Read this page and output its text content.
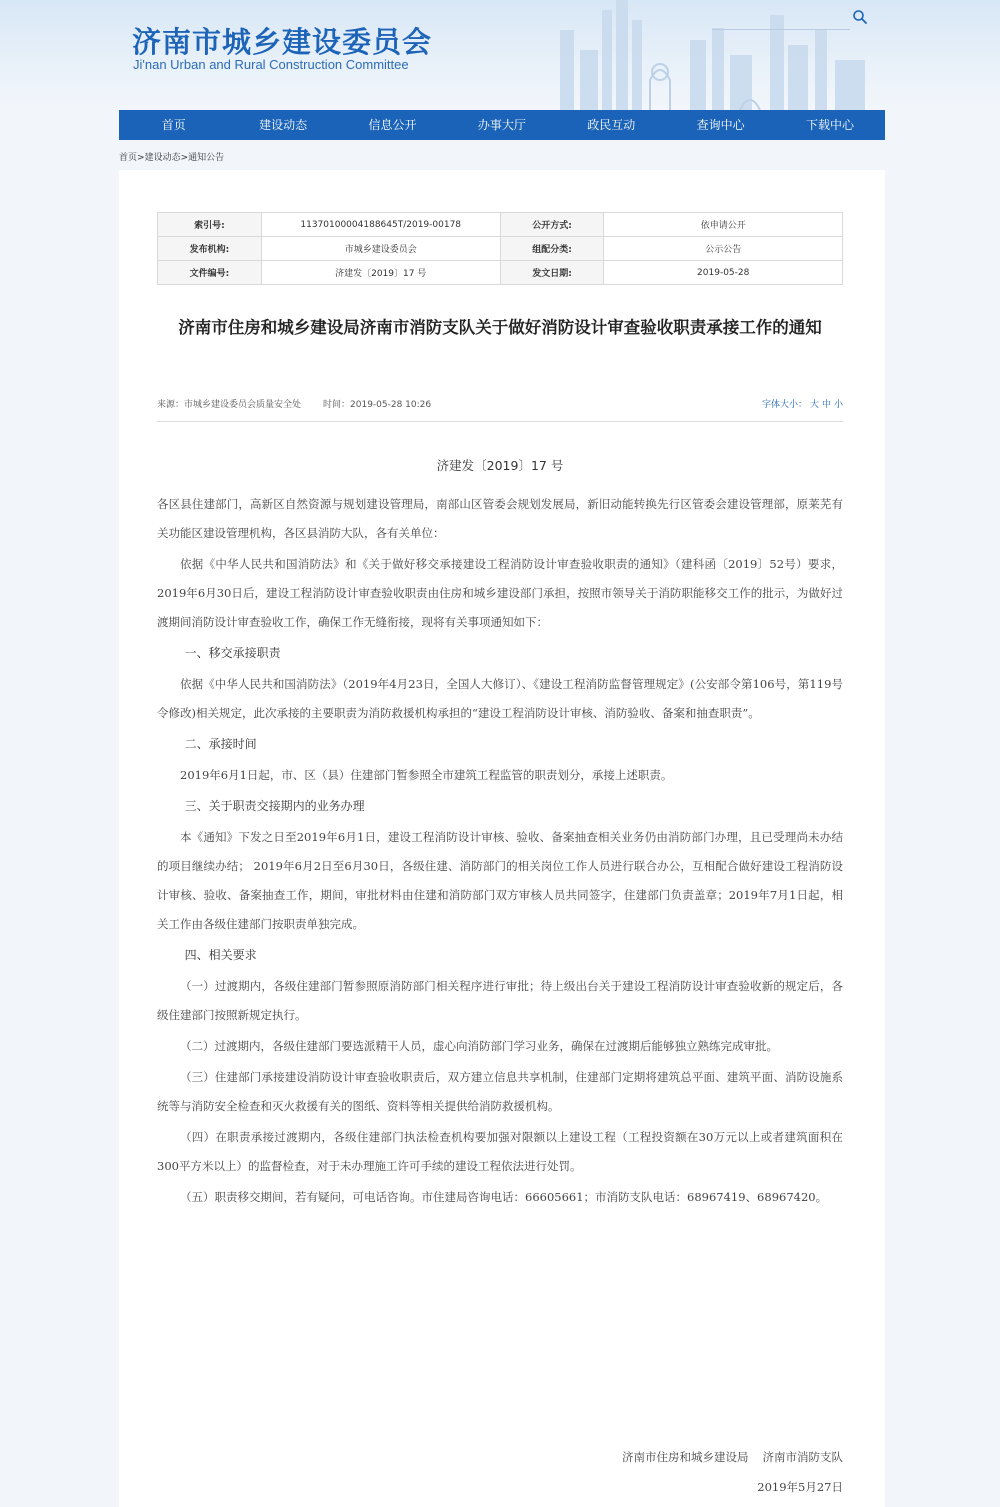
济南市城乡建设委员会
Ji'nan Urban and Rural Construction Committee
首页	建设动态	信息公开	办事大厅	政民互动	查询中心	下载中心
首页>建设动态>通知公告
索引号:	11370100004188645T/2019-00178	公开方式:	依申请公开
发布机构:	市城乡建设委员会	组配分类:	公示公告
文件编号:	济建发〔2019〕17 号	发文日期:	2019-05-28
济南市住房和城乡建设局济南市消防支队关于做好消防设计审查验收职责承接工作的通知
来源：市城乡建设委员会质量安全处 时间：2019-05-28 10:26	字体大小： 大 中 小
济建发〔2019〕17 号
各区县住建部门，高新区自然资源与规划建设管理局，南部山区管委会规划发展局，新旧动能转换先行区管委会建设管理部，原莱芜有关功能区建设管理机构，各区县消防大队，各有关单位：
依据《中华人民共和国消防法》和《关于做好移交承接建设工程消防设计审查验收职责的通知》（建科函〔2019〕52号）要求，2019年6月30日后，建设工程消防设计审查验收职责由住房和城乡建设部门承担，按照市领导关于消防职能移交工作的批示，为做好过渡期间消防设计审查验收工作，确保工作无缝衔接，现将有关事项通知如下：
一、移交承接职责
依据《中华人民共和国消防法》（2019年4月23日，全国人大修订）、《建设工程消防监督管理规定》(公安部令第106号，第119号令修改)相关规定，此次承接的主要职责为消防救援机构承担的“建设工程消防设计审核、消防验收、备案和抽查职责”。
二、承接时间
2019年6月1日起，市、区（县）住建部门暂参照全市建筑工程监管的职责划分，承接上述职责。
三、关于职责交接期内的业务办理
本《通知》下发之日至2019年6月1日，建设工程消防设计审核、验收、备案抽查相关业务仍由消防部门办理，且已受理尚未办结的项目继续办结； 2019年6月2日至6月30日，各级住建、消防部门的相关岗位工作人员进行联合办公，互相配合做好建设工程消防设计审核、验收、备案抽查工作，期间，审批材料由住建和消防部门双方审核人员共同签字，住建部门负责盖章；2019年7月1日起，相关工作由各级住建部门按职责单独完成。
四、相关要求
（一）过渡期内，各级住建部门暂参照原消防部门相关程序进行审批；待上级出台关于建设工程消防设计审查验收新的规定后，各级住建部门按照新规定执行。
（二）过渡期内，各级住建部门要选派精干人员，虚心向消防部门学习业务，确保在过渡期后能够独立熟练完成审批。
（三）住建部门承接建设消防设计审查验收职责后，双方建立信息共享机制，住建部门定期将建筑总平面、建筑平面、消防设施系统等与消防安全检查和灭火救援有关的图纸、资料等相关提供给消防救援机构。
（四）在职责承接过渡期内，各级住建部门执法检查机构要加强对限额以上建设工程（工程投资额在30万元以上或者建筑面积在300平方米以上）的监督检查，对于未办理施工许可手续的建设工程依法进行处罚。
（五）职责移交期间，若有疑问，可电话咨询。市住建局咨询电话：66605661；市消防支队电话：68967419、68967420。
济南市住房和城乡建设局 济南市消防支队
2019年5月27日
